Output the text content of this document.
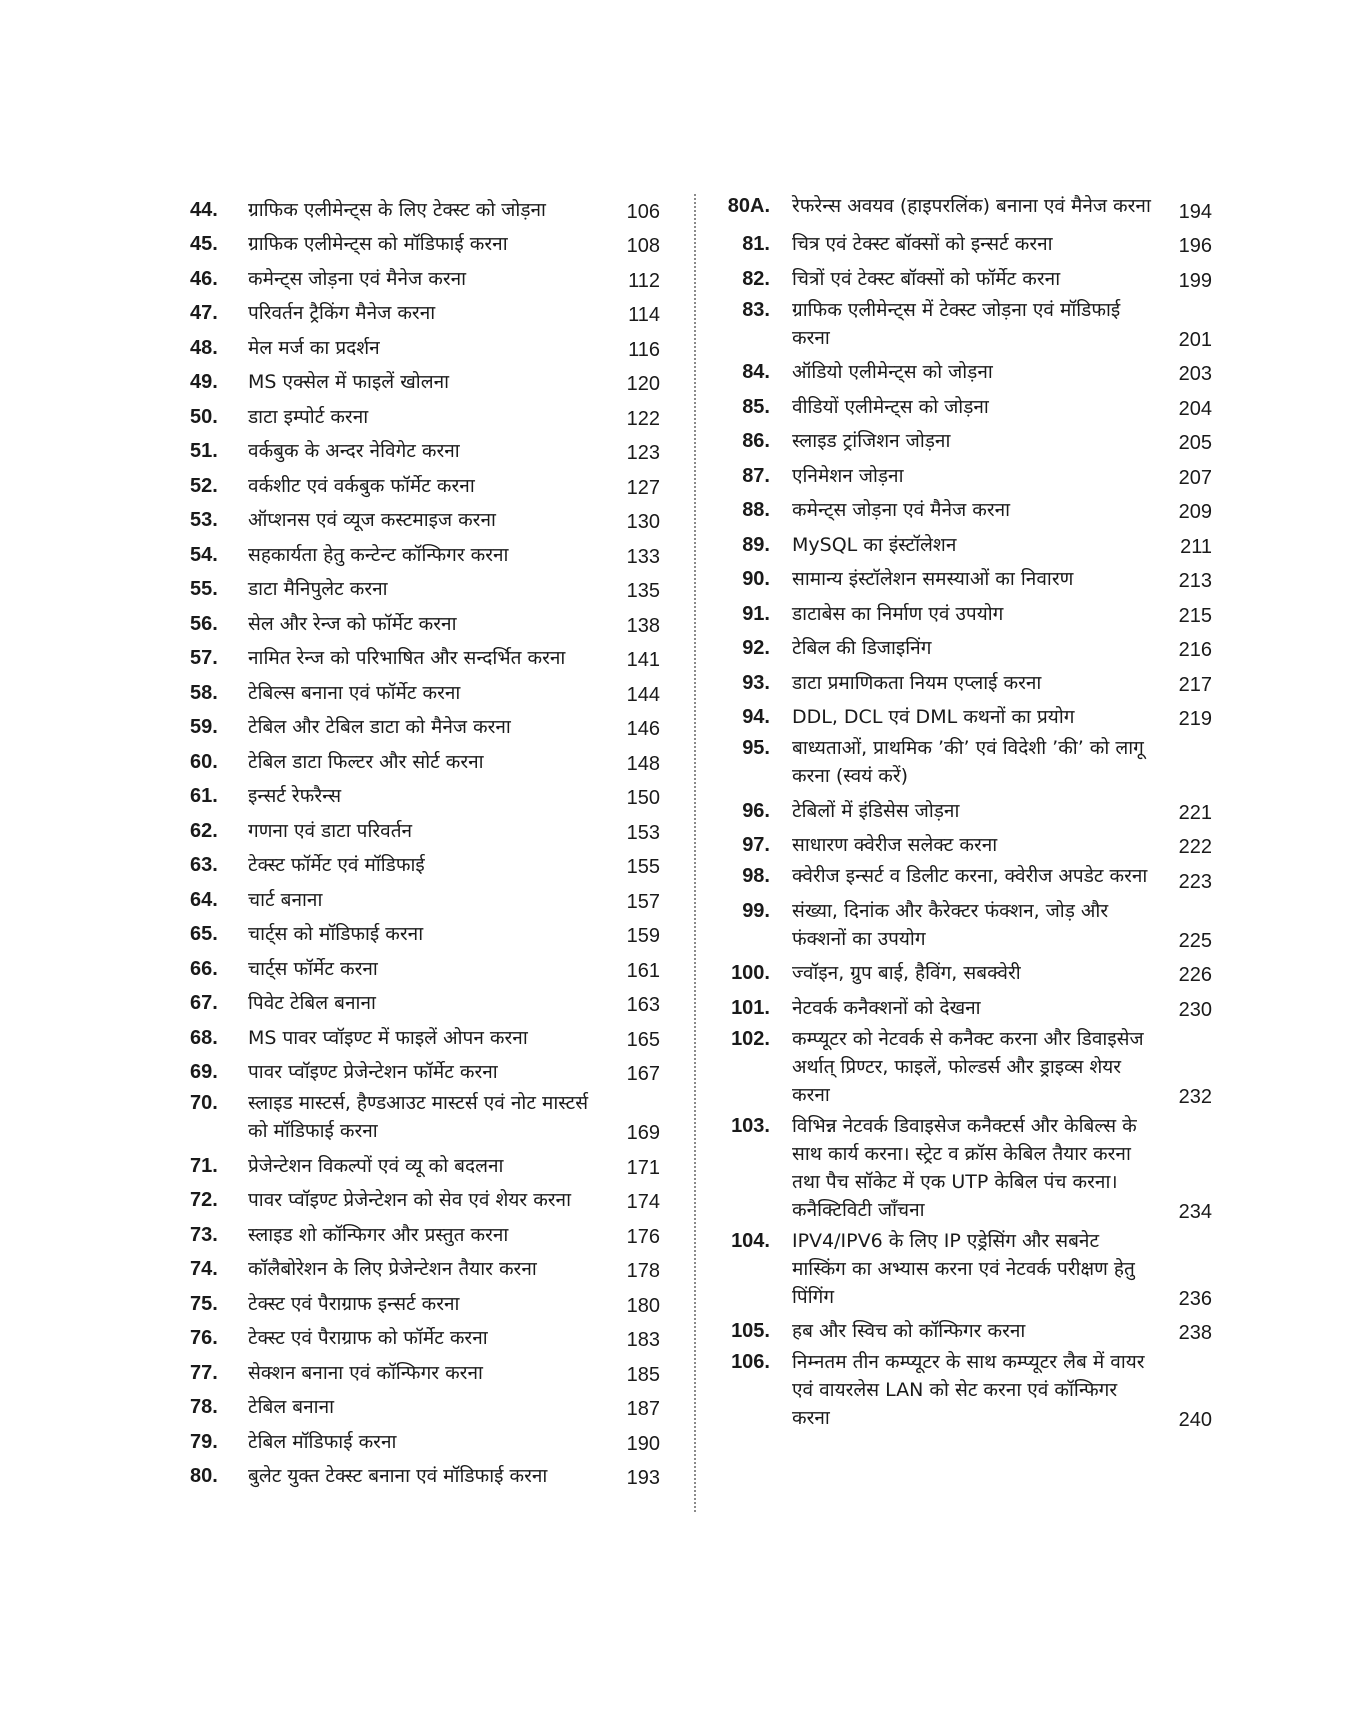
44.	ग्राफिक एलीमेन्ट्स के लिए टेक्स्ट को जोड़ना	106
45.	ग्राफिक एलीमेन्ट्स को मॉडिफाई करना	108
46.	कमेन्ट्स जोड़ना एवं मैनेज करना	112
47.	परिवर्तन ट्रैकिंग मैनेज करना	114
48.	मेल मर्ज का प्रदर्शन	116
49.	MS एक्सेल में फाइलें खोलना	120
50.	डाटा इम्पोर्ट करना	122
51.	वर्कबुक के अन्दर नेविगेट करना	123
52.	वर्कशीट एवं वर्कबुक फॉर्मेट करना	127
53.	ऑप्शनस एवं व्यूज कस्टमाइज करना	130
54.	सहकार्यता हेतु कन्टेन्ट कॉन्फिगर करना	133
55.	डाटा मैनिपुलेट करना	135
56.	सेल और रेन्ज को फॉर्मेट करना	138
57.	नामित रेन्ज को परिभाषित और सन्दर्भित करना	141
58.	टेबिल्स बनाना एवं फॉर्मेट करना	144
59.	टेबिल और टेबिल डाटा को मैनेज करना	146
60.	टेबिल डाटा फिल्टर और सोर्ट करना	148
61.	इन्सर्ट रेफरैन्स	150
62.	गणना एवं डाटा परिवर्तन	153
63.	टेक्स्ट फॉर्मेट एवं मॉडिफाई	155
64.	चार्ट बनाना	157
65.	चार्ट्स को मॉडिफाई करना	159
66.	चार्ट्स फॉर्मेट करना	161
67.	पिवेट टेबिल बनाना	163
68.	MS पावर प्वॉइण्ट में फाइलें ओपन करना	165
69.	पावर प्वॉइण्ट प्रेजेन्टेशन फॉर्मेट करना	167
70.	स्लाइड मास्टर्स, हैण्डआउट मास्टर्स एवं नोट मास्टर्स को मॉडिफाई करना	169
71.	प्रेजेन्टेशन विकल्पों एवं व्यू को बदलना	171
72.	पावर प्वॉइण्ट प्रेजेन्टेशन को सेव एवं शेयर करना	174
73.	स्लाइड शो कॉन्फिगर और प्रस्तुत करना	176
74.	कॉलैबोरेशन के लिए प्रेजेन्टेशन तैयार करना	178
75.	टेक्स्ट एवं पैराग्राफ इन्सर्ट करना	180
76.	टेक्स्ट एवं पैराग्राफ को फॉर्मेट करना	183
77.	सेक्शन बनाना एवं कॉन्फिगर करना	185
78.	टेबिल बनाना	187
79.	टेबिल मॉडिफाई करना	190
80.	बुलेट युक्त टेक्स्ट बनाना एवं मॉडिफाई करना	193
80A.	रेफरेन्स अवयव (हाइपरलिंक) बनाना एवं मैनेज करना	194
81.	चित्र एवं टेक्स्ट बॉक्सों को इन्सर्ट करना	196
82.	चित्रों एवं टेक्स्ट बॉक्सों को फॉर्मेट करना	199
83.	ग्राफिक एलीमेन्ट्स में टेक्स्ट जोड़ना एवं मॉडिफाई करना	201
84.	ऑडियो एलीमेन्ट्स को जोड़ना	203
85.	वीडियों एलीमेन्ट्स को जोड़ना	204
86.	स्लाइड ट्रांजिशन जोड़ना	205
87.	एनिमेशन जोड़ना	207
88.	कमेन्ट्स जोड़ना एवं मैनेज करना	209
89.	MySQL का इंस्टॉलेशन	211
90.	सामान्य इंस्टॉलेशन समस्याओं का निवारण	213
91.	डाटाबेस का निर्माण एवं उपयोग	215
92.	टेबिल की डिजाइनिंग	216
93.	डाटा प्रमाणिकता नियम एप्लाई करना	217
94.	DDL, DCL एवं DML कथनों का प्रयोग	219
95.	बाध्यताओं, प्राथमिक ’की’ एवं विदेशी ’की’ को लागू करना (स्वयं करें)
96.	टेबिलों में इंडिसेस जोड़ना	221
97.	साधारण क्वेरीज सलेक्ट करना	222
98.	क्वेरीज इन्सर्ट व डिलीट करना, क्वेरीज अपडेट करना	223
99.	संख्या, दिनांक और कैरेक्टर फंक्शन, जोड़ और फंक्शनों का उपयोग	225
100.	ज्वॉइन, ग्रुप बाई, हैविंग, सबक्वेरी	226
101.	नेटवर्क कनैक्शनों को देखना	230
102.	कम्प्यूटर को नेटवर्क से कनैक्ट करना और डिवाइसेज अर्थात् प्रिण्टर, फाइलें, फोल्डर्स और ड्राइव्स शेयर करना	232
103.	विभिन्न नेटवर्क डिवाइसेज कनैक्टर्स और केबिल्स के साथ कार्य करना। स्ट्रेट व क्रॉस केबिल तैयार करना तथा पैच सॉकेट में एक UTP केबिल पंच करना। कनैक्टिविटी जाँचना	234
104.	IPV4/IPV6 के लिए IP एड्रेसिंग और सबनेट मास्किंग का अभ्यास करना एवं नेटवर्क परीक्षण हेतु पिंगिंग	236
105.	हब और स्विच को कॉन्फिगर करना	238
106.	निम्नतम तीन कम्प्यूटर के साथ कम्प्यूटर लैब में वायर एवं वायरलेस LAN को सेट करना एवं कॉन्फिगर करना	240
